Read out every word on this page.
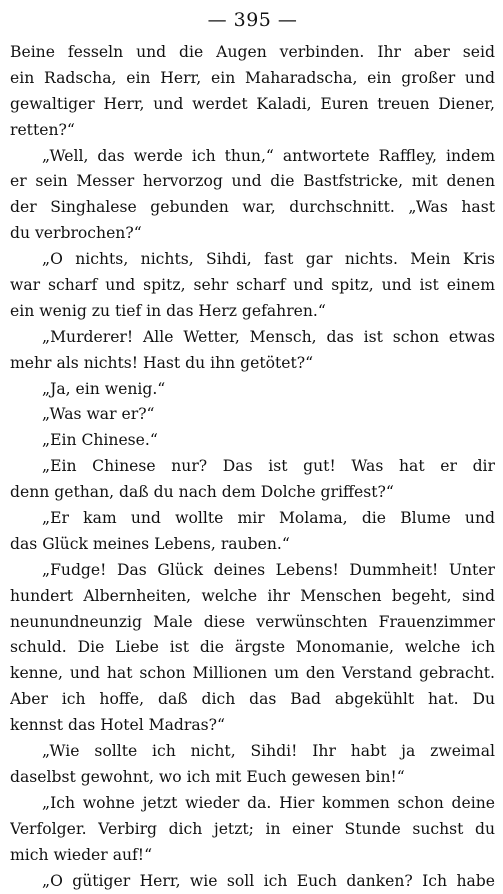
— 395 —
Beine fesseln und die Augen verbinden. Ihr aber seid
ein Radscha, ein Herr, ein Maharadscha, ein großer und
gewaltiger Herr, und werdet Kaladi, Euren treuen Diener,
retten?“
„Well, das werde ich thun,“ antwortete Raffley, indem
er sein Messer hervorzog und die Bastfstricke, mit denen
der Singhalese gebunden war, durchschnitt. „Was hast
du verbrochen?“
„O nichts, nichts, Sihdi, fast gar nichts. Mein Kris
war scharf und spitz, sehr scharf und spitz, und ist einem
ein wenig zu tief in das Herz gefahren.“
„Murderer! Alle Wetter, Mensch, das ist schon etwas
mehr als nichts! Hast du ihn getötet?“
„Ja, ein wenig.“
„Was war er?“
„Ein Chinese.“
„Ein Chinese nur? Das ist gut! Was hat er dir
denn gethan, daß du nach dem Dolche griffest?“
„Er kam und wollte mir Molama, die Blume und
das Glück meines Lebens, rauben.“
„Fudge! Das Glück deines Lebens! Dummheit! Unter
hundert Albernheiten, welche ihr Menschen begeht, sind
neunundneunzig Male diese verwünschten Frauenzimmer
schuld. Die Liebe ist die ärgste Monomanie, welche ich
kenne, und hat schon Millionen um den Verstand gebracht.
Aber ich hoffe, daß dich das Bad abgekühlt hat. Du
kennst das Hotel Madras?“
„Wie sollte ich nicht, Sihdi! Ihr habt ja zweimal
daselbst gewohnt, wo ich mit Euch gewesen bin!“
„Ich wohne jetzt wieder da. Hier kommen schon deine
Verfolger. Verbirg dich jetzt; in einer Stunde suchst du
mich wieder auf!“
„O gütiger Herr, wie soll ich Euch danken? Ich habe
